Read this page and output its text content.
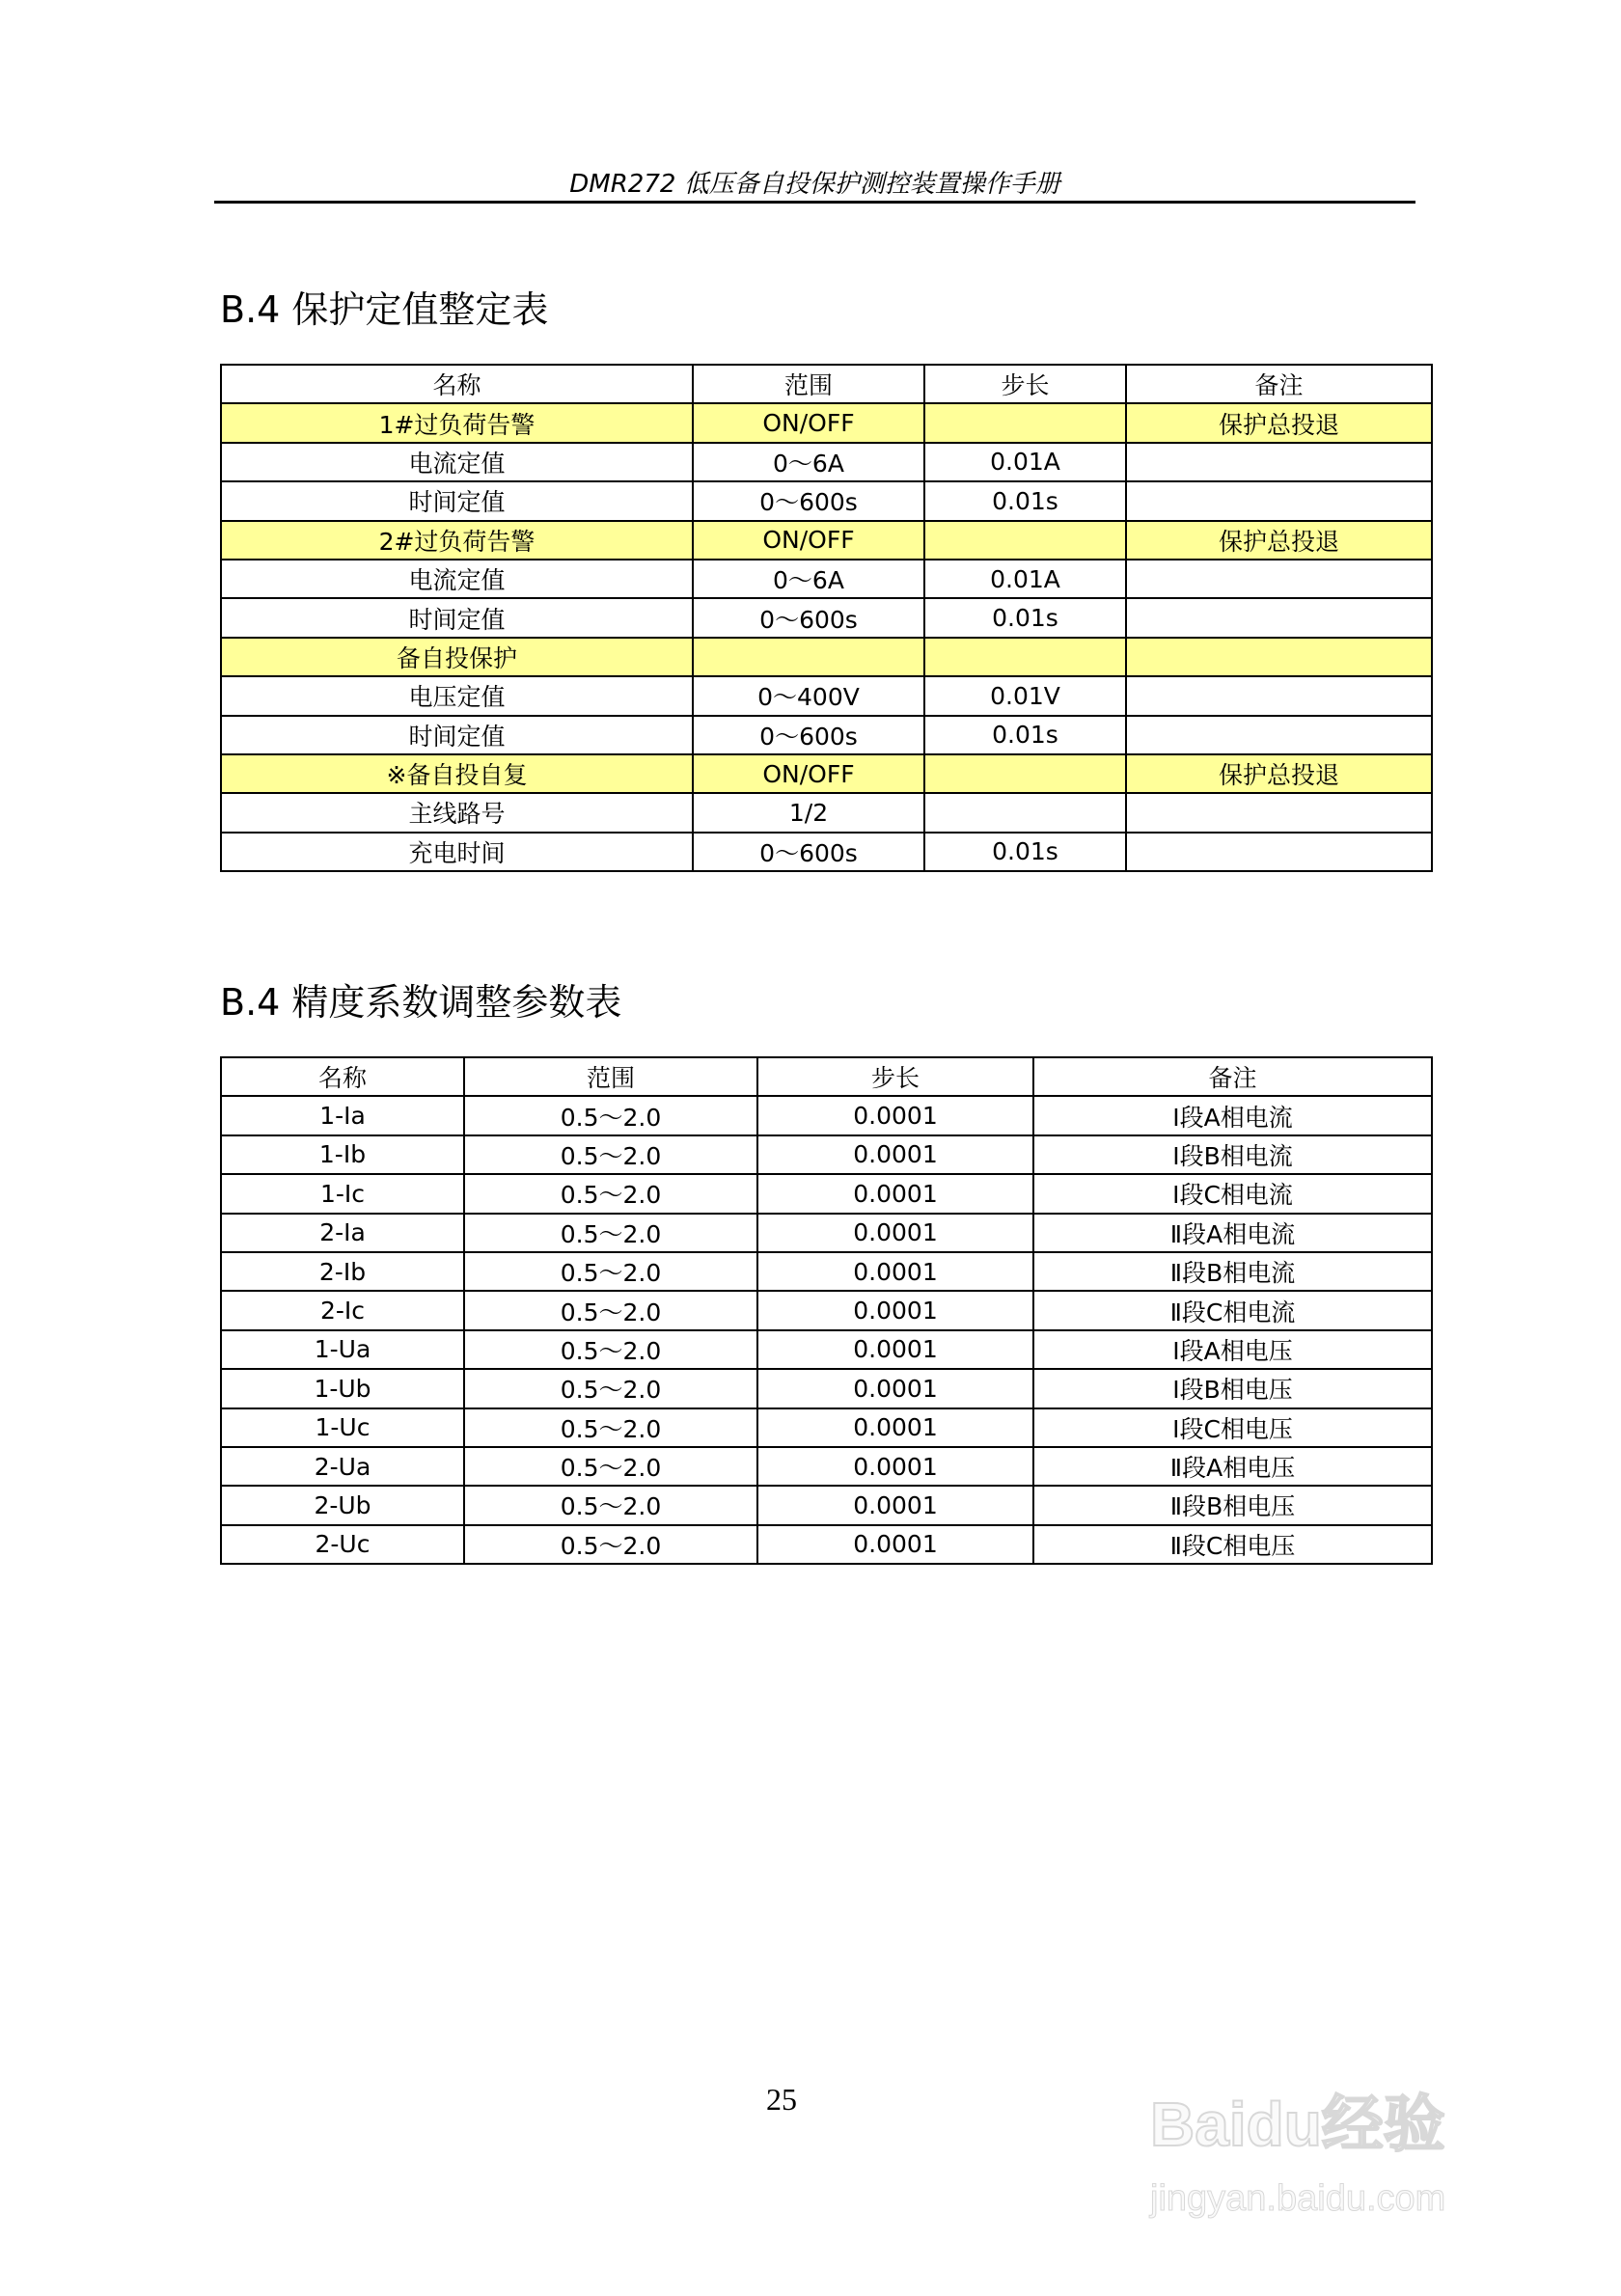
DMR272 低压备自投保护测控装置操作手册
B.4 保护定值整定表
名称	范围	步长	备注
1#过负荷告警	ON/OFF		保护总投退
电流定值	0～6A	0.01A	
时间定值	0～600s	0.01s	
2#过负荷告警	ON/OFF		保护总投退
电流定值	0～6A	0.01A	
时间定值	0～600s	0.01s	
备自投保护			
电压定值	0～400V	0.01V	
时间定值	0～600s	0.01s	
※备自投自复	ON/OFF		保护总投退
主线路号	1/2		
充电时间	0～600s	0.01s	
B.4 精度系数调整参数表
名称	范围	步长	备注
1-Ia	0.5～2.0	0.0001	Ⅰ段A相电流
1-Ib	0.5～2.0	0.0001	Ⅰ段B相电流
1-Ic	0.5～2.0	0.0001	Ⅰ段C相电流
2-Ia	0.5～2.0	0.0001	Ⅱ段A相电流
2-Ib	0.5～2.0	0.0001	Ⅱ段B相电流
2-Ic	0.5～2.0	0.0001	Ⅱ段C相电流
1-Ua	0.5～2.0	0.0001	Ⅰ段A相电压
1-Ub	0.5～2.0	0.0001	Ⅰ段B相电压
1-Uc	0.5～2.0	0.0001	Ⅰ段C相电压
2-Ua	0.5～2.0	0.0001	Ⅱ段A相电压
2-Ub	0.5～2.0	0.0001	Ⅱ段B相电压
2-Uc	0.5～2.0	0.0001	Ⅱ段C相电压
25	Baidu经验
jingyan.baidu.com
